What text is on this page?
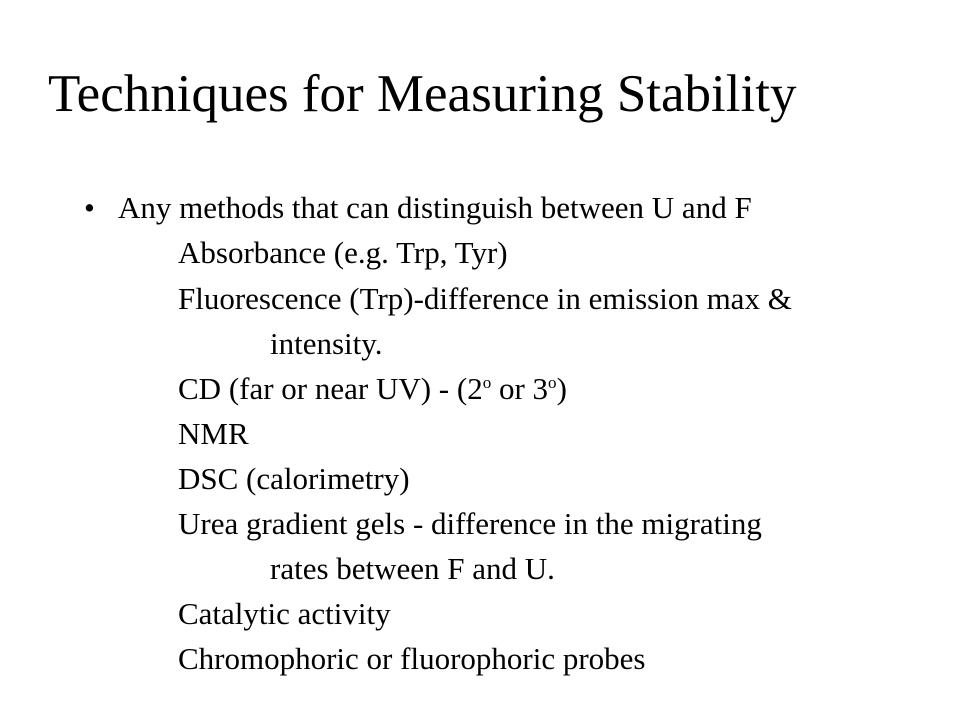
Techniques for Measuring Stability
• Any methods that can distinguish between U and F
Absorbance (e.g. Trp, Tyr)
Fluorescence (Trp)-difference in emission max &
intensity.
CD (far or near UV) - (2$^o$ or 3$^o$)
NMR
DSC (calorimetry)
Urea gradient gels - difference in the migrating
rates between F and U.
Catalytic activity
Chromophoric or fluorophoric probes
